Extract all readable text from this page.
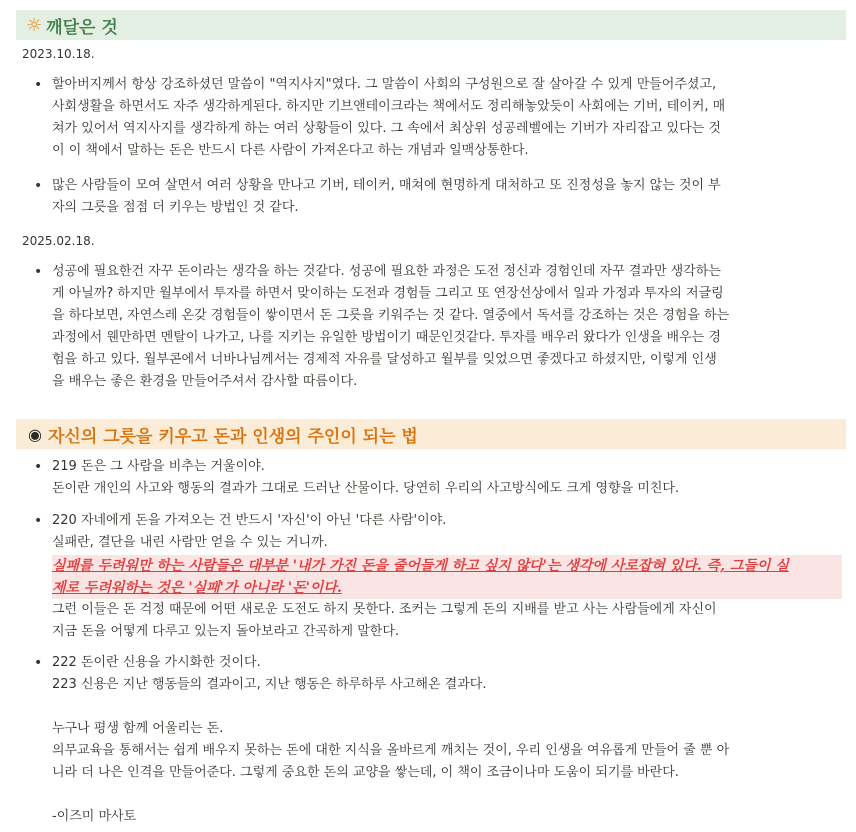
☼ 깨달은 것
2023.10.18.
• 할아버지께서 항상 강조하셨던 말씀이 "역지사지"였다. 그 말씀이 사회의 구성원으로 잘 살아갈 수 있게 만들어주셨고,
사회생활을 하면서도 자주 생각하게된다. 하지만 기브앤테이크라는 책에서도 정리해놓았듯이 사회에는 기버, 테이커, 매
쳐가 있어서 역지사지를 생각하게 하는 여러 상황들이 있다. 그 속에서 최상위 성공레벨에는 기버가 자리잡고 있다는 것
이 이 책에서 말하는 돈은 반드시 다른 사람이 가져온다고 하는 개념과 일맥상통한다.
• 많은 사람들이 모여 살면서 여러 상황을 만나고 기버, 테이커, 매쳐에 현명하게 대처하고 또 진정성을 놓지 않는 것이 부
자의 그릇을 점점 더 키우는 방법인 것 같다.
2025.02.18.
• 성공에 필요한건 자꾸 돈이라는 생각을 하는 것같다. 성공에 필요한 과정은 도전 정신과 경험인데 자꾸 결과만 생각하는
게 아닐까? 하지만 월부에서 투자를 하면서 맞이하는 도전과 경험들 그리고 또 연장선상에서 일과 가정과 투자의 저글링
을 하다보면, 자연스레 온갖 경험들이 쌓이면서 돈 그릇을 키워주는 것 같다. 열중에서 독서를 강조하는 것은 경험을 하는
과정에서 웬만하면 멘탈이 나가고, 나를 지키는 유일한 방법이기 때문인것같다. 투자를 배우러 왔다가 인생을 배우는 경
험을 하고 있다. 월부콘에서 너바나님께서는 경제적 자유를 달성하고 월부를 잊었으면 좋겠다고 하셨지만, 이렇게 인생
을 배우는 좋은 환경을 만들어주셔서 감사할 따름이다.
◉ 자신의 그릇을 키우고 돈과 인생의 주인이 되는 법
• 219 돈은 그 사람을 비추는 거울이야.
돈이란 개인의 사고와 행동의 결과가 그대로 드러난 산물이다. 당연히 우리의 사고방식에도 크게 영향을 미친다.
• 220 자네에게 돈을 가져오는 건 반드시 '자신'이 아닌 '다른 사람'이야.
실패란, 결단을 내린 사람만 얻을 수 있는 거니까.
실패를 두려워만 하는 사람들은 대부분 '내가 가진 돈을 줄어들게 하고 싶지 않다'는 생각에 사로잡혀 있다. 즉, 그들이 실
제로 두려워하는 것은 '실패'가 아니라 '돈'이다.
그런 이들은 돈 걱정 때문에 어떤 새로운 도전도 하지 못한다. 조커는 그렇게 돈의 지배를 받고 사는 사람들에게 자신이
지금 돈을 어떻게 다루고 있는지 돌아보라고 간곡하게 말한다.
• 222 돈이란 신용을 가시화한 것이다.
223 신용은 지난 행동들의 결과이고, 지난 행동은 하루하루 사고해온 결과다.
누구나 평생 함께 어울리는 돈.
의무교육을 통해서는 쉽게 배우지 못하는 돈에 대한 지식을 올바르게 깨치는 것이, 우리 인생을 여유롭게 만들어 줄 뿐 아
니라 더 나은 인격을 만들어준다. 그렇게 중요한 돈의 교양을 쌓는데, 이 책이 조금이나마 도움이 되기를 바란다.
-이즈미 마사토
